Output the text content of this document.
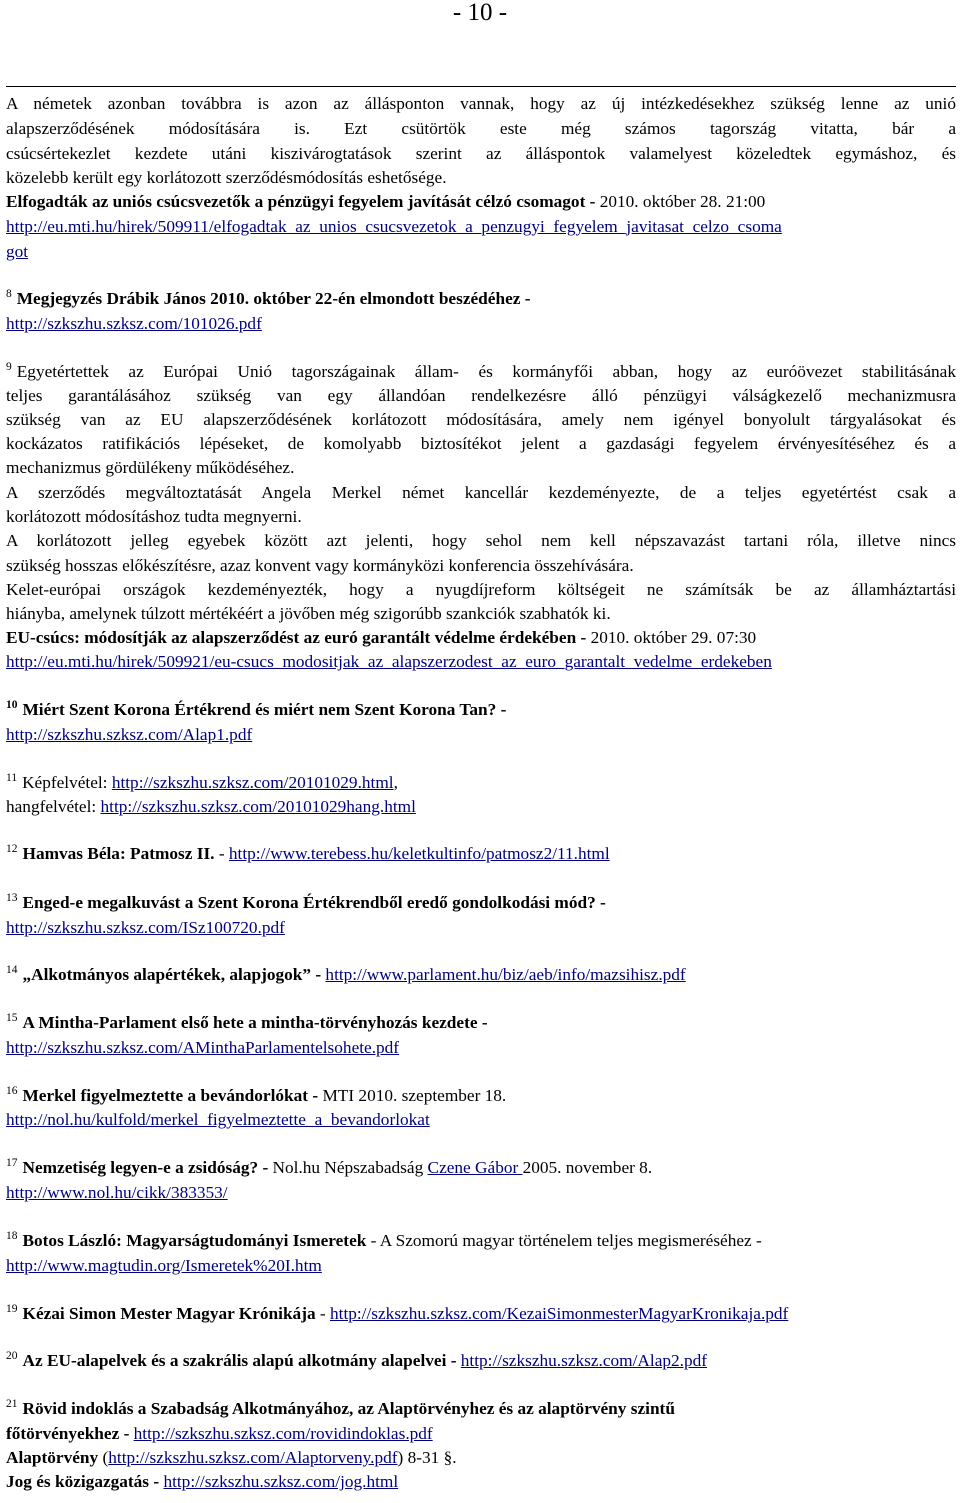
- 10 -
A németek azonban továbbra is azon az állásponton vannak, hogy az új intézkedésekhez szükség lenne az unió
alapszerződésének módosítására is. Ezt csütörtök este még számos tagország vitatta, bár a
csúcsértekezlet kezdete utáni kiszivárogtatások szerint az álláspontok valamelyest közeledtek egymáshoz, és
közelebb került egy korlátozott szerződésmódosítás eshetősége.
Elfogadták az uniós csúcsvezetők a pénzügyi fegyelem javítását célzó csomagot - 2010. október 28. 21:00
http://eu.mti.hu/hirek/509911/elfogadtak_az_unios_csucsvezetok_a_penzugyi_fegyelem_javitasat_celzo_csoma
got
$^8$ Megjegyzés Drábik János 2010. október 22-én elmondott beszédéhez -
http://szkszhu.szksz.com/101026.pdf
$^9$ Egyetértettek az Európai Unió tagországainak állam- és kormányfői abban, hogy az euróövezet stabilitásának
teljes garantálásához szükség van egy állandóan rendelkezésre álló pénzügyi válságkezelő mechanizmusra
szükség van az EU alapszerződésének korlátozott módosítására, amely nem igényel bonyolult tárgyalásokat és
kockázatos ratifikációs lépéseket, de komolyabb biztosítékot jelent a gazdasági fegyelem érvényesítéséhez és a
mechanizmus gördülékeny működéséhez.
A szerződés megváltoztatását Angela Merkel német kancellár kezdeményezte, de a teljes egyetértést csak a
korlátozott módosításhoz tudta megnyerni.
A korlátozott jelleg egyebek között azt jelenti, hogy sehol nem kell népszavazást tartani róla, illetve nincs
szükség hosszas előkészítésre, azaz konvent vagy kormányközi konferencia összehívására.
Kelet-európai országok kezdeményezték, hogy a nyugdíjreform költségeit ne számítsák be az államháztartási
hiányba, amelynek túlzott mértékéért a jövőben még szigorúbb szankciók szabhatók ki.
EU-csúcs: módosítják az alapszerződést az euró garantált védelme érdekében - 2010. október 29. 07:30
http://eu.mti.hu/hirek/509921/eu-csucs_modositjak_az_alapszerzodest_az_euro_garantalt_vedelme_erdekeben
$^{10}$ Miért Szent Korona Értékrend és miért nem Szent Korona Tan? -
http://szkszhu.szksz.com/Alap1.pdf
$^{11}$ Képfelvétel: http://szkszhu.szksz.com/20101029.html,
hangfelvétel: http://szkszhu.szksz.com/20101029hang.html
$^{12}$ Hamvas Béla: Patmosz II. - http://www.terebess.hu/keletkultinfo/patmosz2/11.html
$^{13}$ Enged-e megalkuvást a Szent Korona Értékrendből eredő gondolkodási mód? -
http://szkszhu.szksz.com/ISz100720.pdf
$^{14}$ „Alkotmányos alapértékek, alapjogok” - http://www.parlament.hu/biz/aeb/info/mazsihisz.pdf
$^{15}$ A Mintha-Parlament első hete a mintha-törvényhozás kezdete -
http://szkszhu.szksz.com/AMinthaParlamentelsohete.pdf
$^{16}$ Merkel figyelmeztette a bevándorlókat - MTI 2010. szeptember 18.
http://nol.hu/kulfold/merkel_figyelmeztette_a_bevandorlokat
$^{17}$ Nemzetiség legyen-e a zsidóság? - Nol.hu Népszabadság Czene Gábor 2005. november 8.
http://www.nol.hu/cikk/383353/
$^{18}$ Botos László: Magyarságtudományi Ismeretek - A Szomorú magyar történelem teljes megismeréséhez -
http://www.magtudin.org/Ismeretek%20I.htm
$^{19}$ Kézai Simon Mester Magyar Krónikája - http://szkszhu.szksz.com/KezaiSimonmesterMagyarKronikaja.pdf
$^{20}$ Az EU-alapelvek és a szakrális alapú alkotmány alapelvei - http://szkszhu.szksz.com/Alap2.pdf
$^{21}$ Rövid indoklás a Szabadság Alkotmányához, az Alaptörvényhez és az alaptörvény szintű
főtörvényekhez - http://szkszhu.szksz.com/rovidindoklas.pdf
Alaptörvény (http://szkszhu.szksz.com/Alaptorveny.pdf) 8-31 §.
Jog és közigazgatás - http://szkszhu.szksz.com/jog.html
